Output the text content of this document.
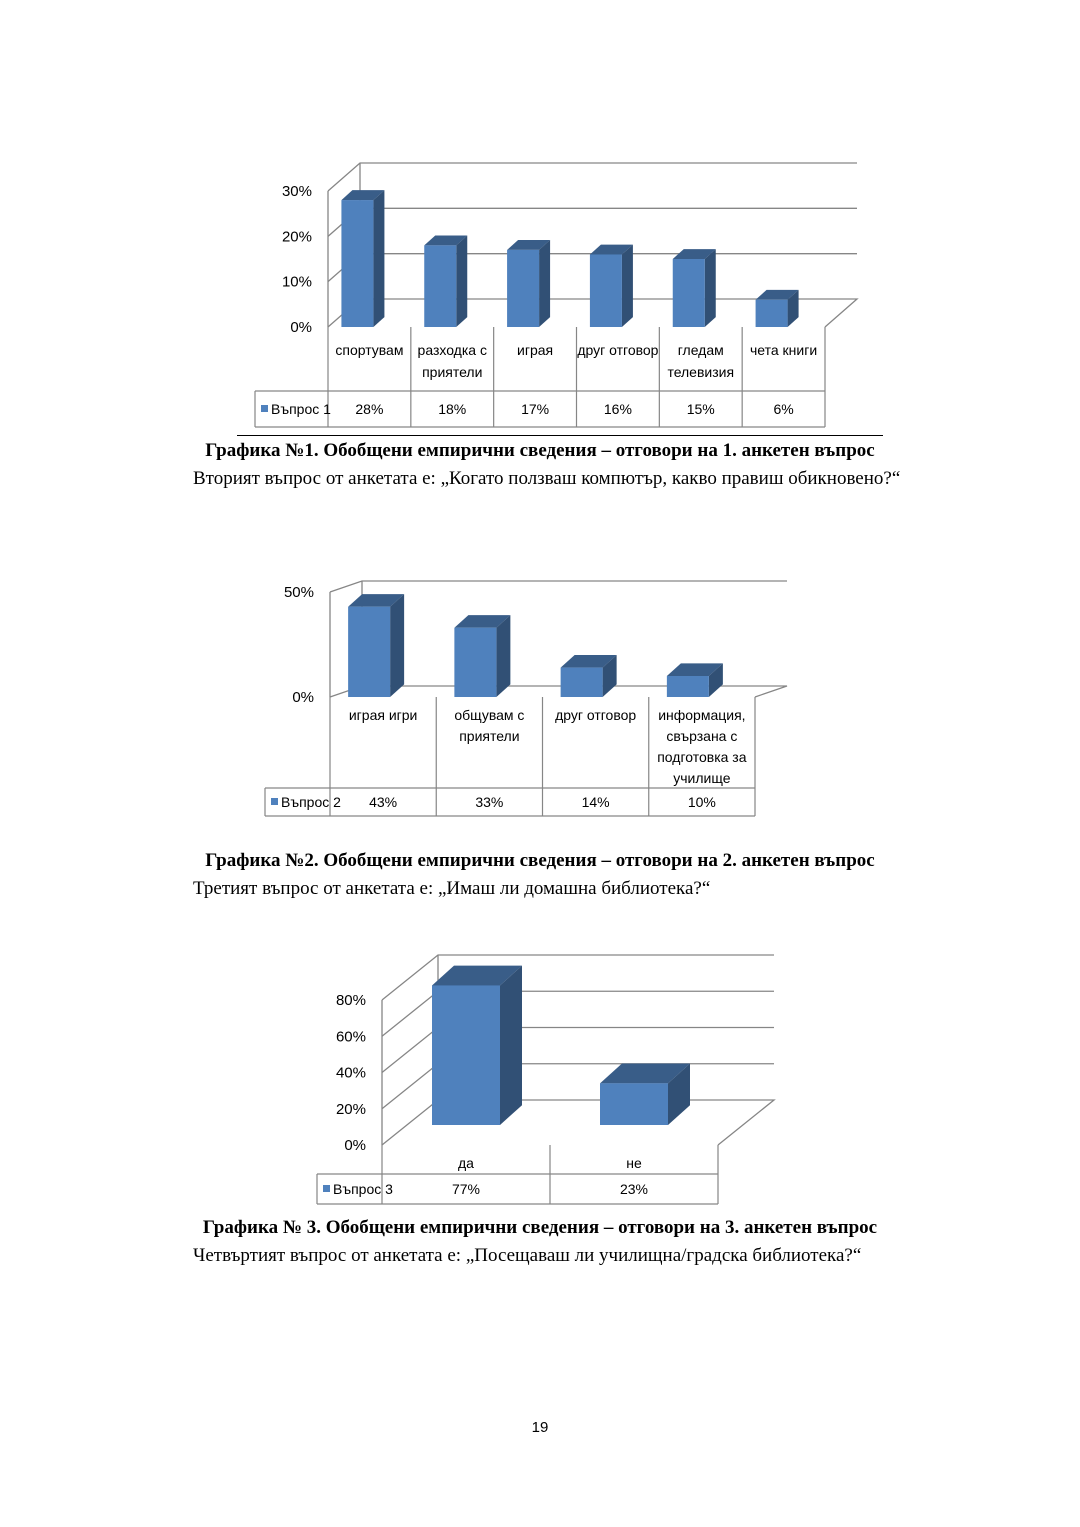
0%
10%
20%
30%
спортувам
28%
разходка с
приятели
18%
играя
17%
друг отговор
16%
гледам
телевизия
15%
чета книги
6%
Въпрос 1
Графика №1. Обобщени емпирични сведения – отговори на 1. анкетен въпрос
Вторият въпрос от анкетата е: „Когато ползваш компютър, какво правиш обикновено?“
0%
50%
играя игри
43%
общувам с
приятели
33%
друг отговор
14%
информация,
свързана с
подготовка за
училище
10%
Въпрос 2
Графика №2. Обобщени емпирични сведения – отговори на 2. анкетен въпрос
Третият въпрос от анкетата е: „Имаш ли домашна библиотека?“
0%
20%
40%
60%
80%
да
77%
не
23%
Въпрос 3
Графика № 3. Обобщени емпирични сведения – отговори на 3. анкетен въпрос
Четвъртият въпрос от анкетата е: „Посещаваш ли училищна/градска библиотека?“
19
